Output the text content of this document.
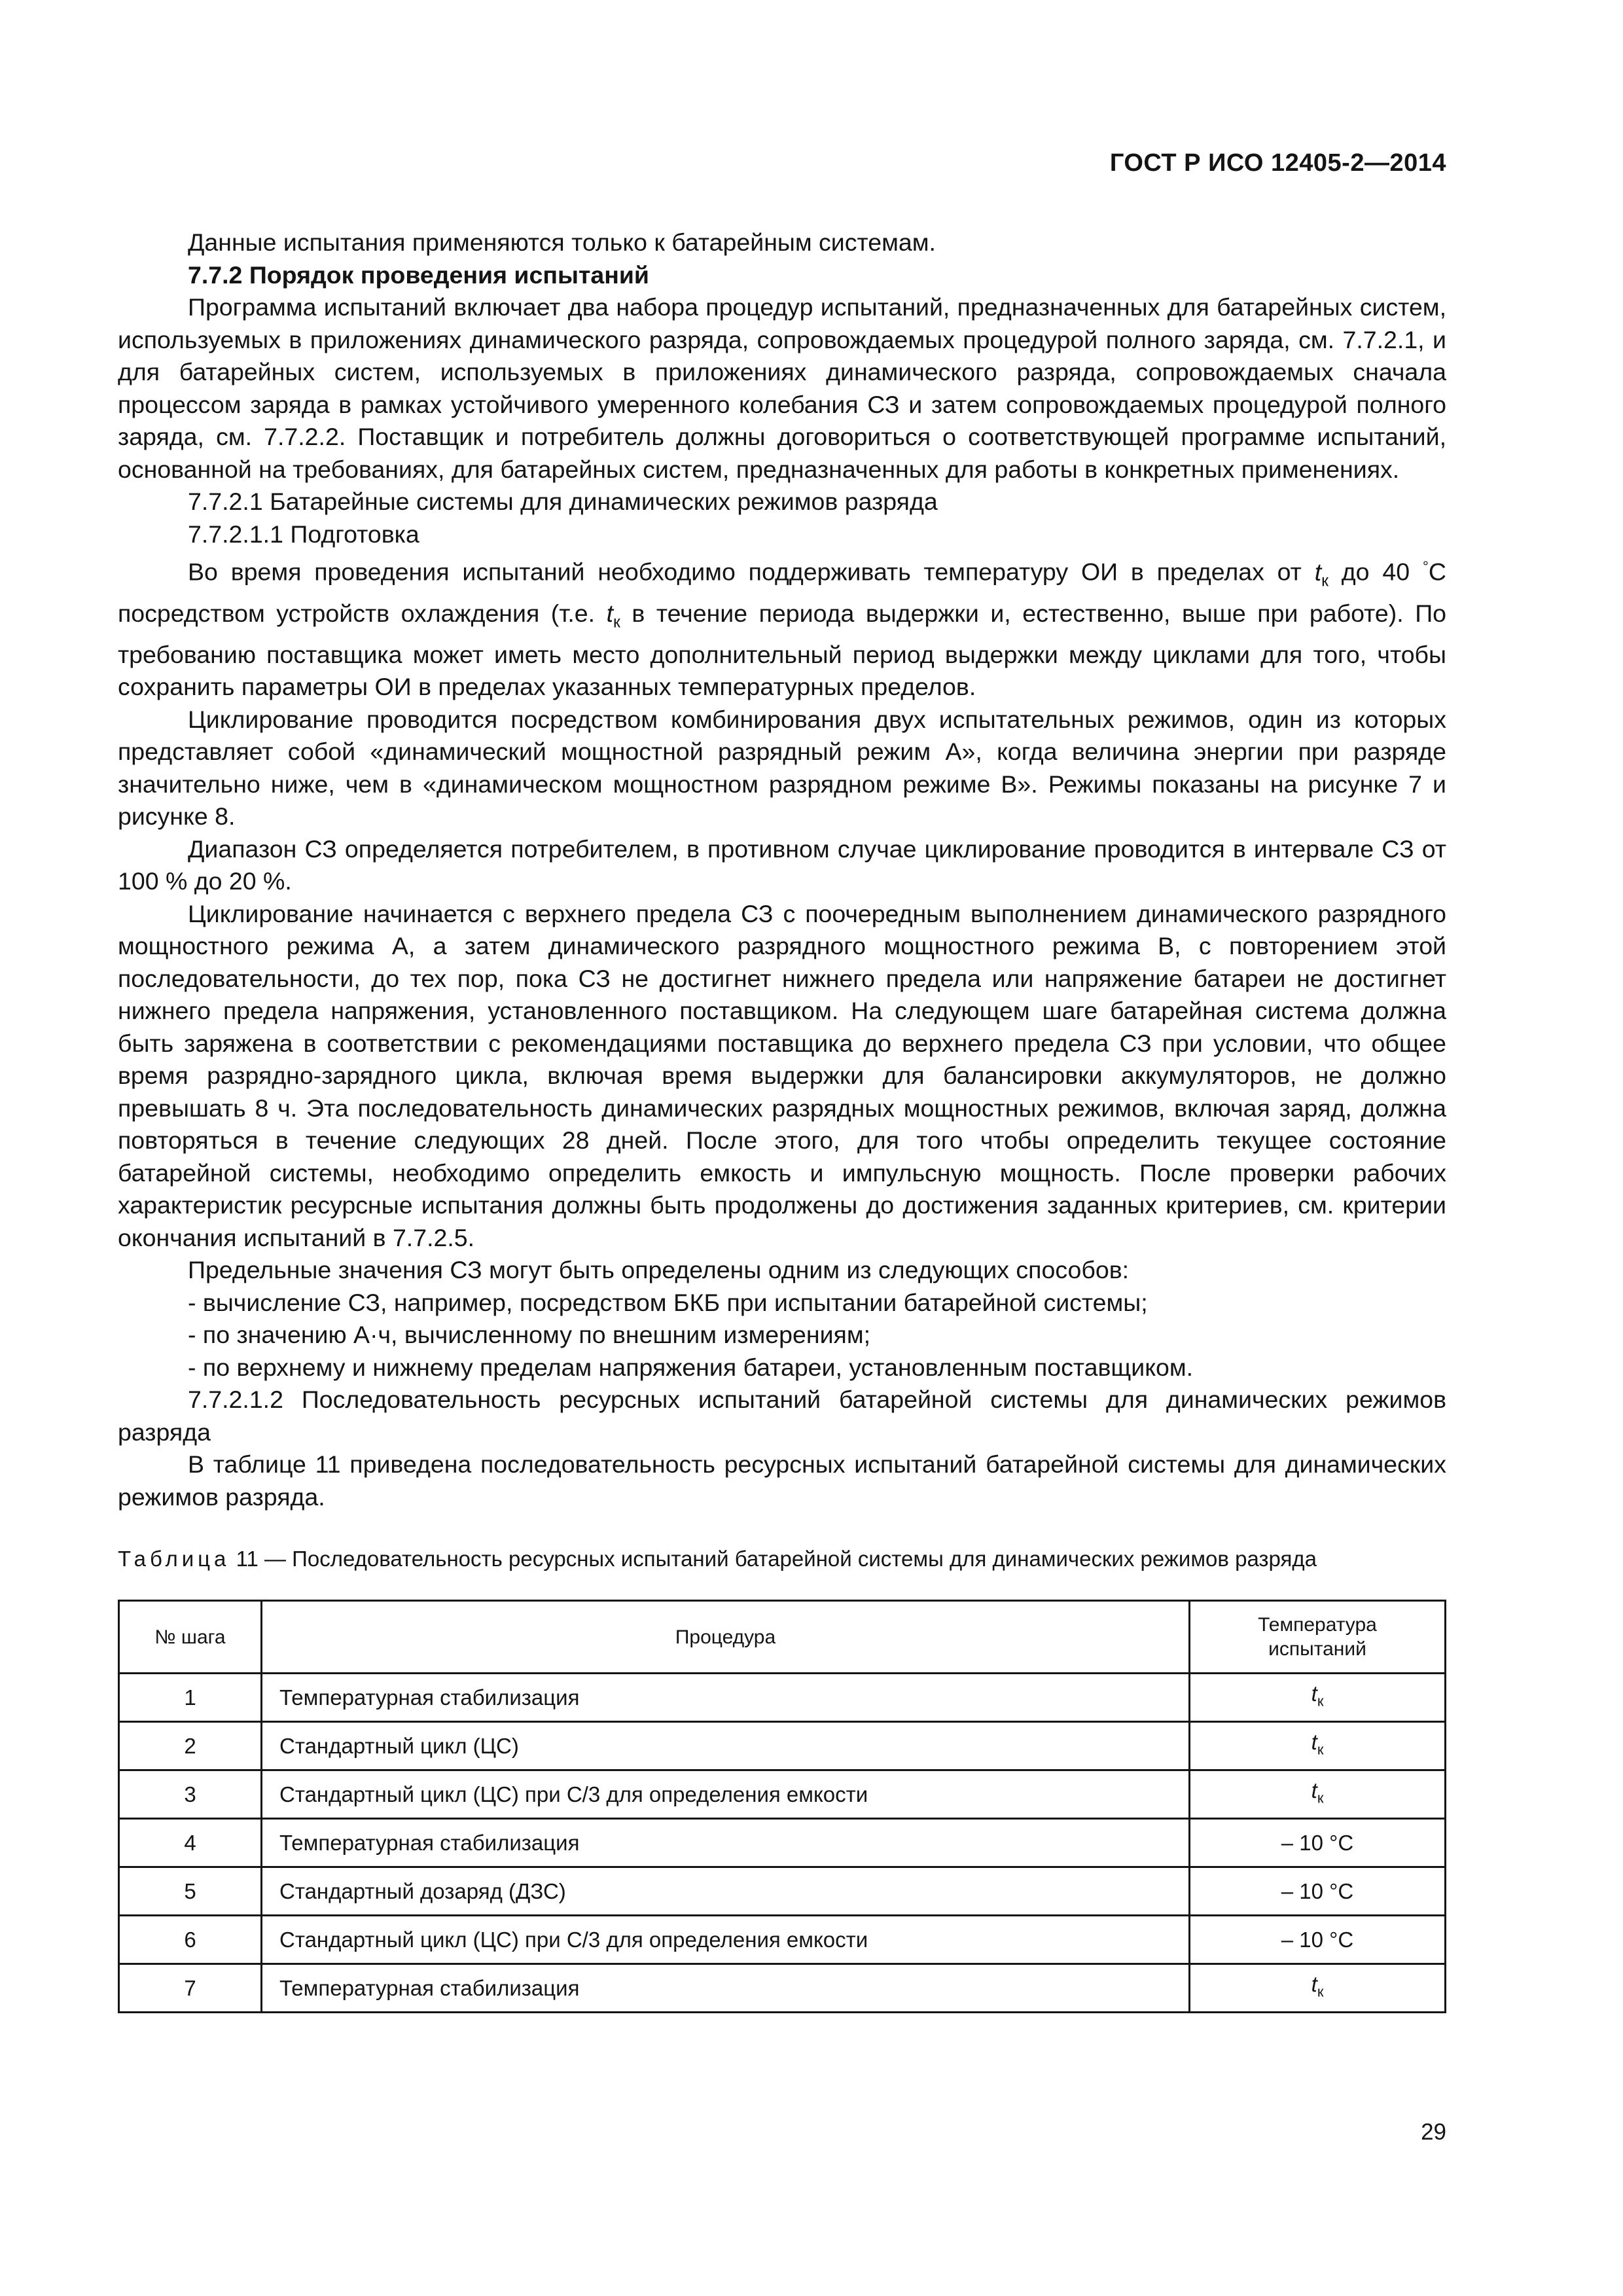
ГОСТ Р ИСО 12405-2—2014

Данные испытания применяются только к батарейным системам.

7.7.2 Порядок проведения испытаний

Программа испытаний включает два набора процедур испытаний, предназначенных для батарейных систем, используемых в приложениях динамического разряда, сопровождаемых процедурой полного заряда, см. 7.7.2.1, и для батарейных систем, используемых в приложениях динамического разряда, сопровождаемых сначала процессом заряда в рамках устойчивого умеренного колебания СЗ и затем сопровождаемых процедурой полного заряда, см. 7.7.2.2. Поставщик и потребитель должны договориться о соответствующей программе испытаний, основанной на требованиях, для батарейных систем, предназначенных для работы в конкретных применениях.

7.7.2.1 Батарейные системы для динамических режимов разряда

7.7.2.1.1 Подготовка

Во время проведения испытаний необходимо поддерживать температуру ОИ в пределах от $t_к$ до 40 °С посредством устройств охлаждения (т.е. $t_к$ в течение периода выдержки и, естественно, выше при работе). По требованию поставщика может иметь место дополнительный период выдержки между циклами для того, чтобы сохранить параметры ОИ в пределах указанных температурных пределов.

Циклирование проводится посредством комбинирования двух испытательных режимов, один из которых представляет собой «динамический мощностной разрядный режим А», когда величина энергии при разряде значительно ниже, чем в «динамическом мощностном разрядном режиме В». Режимы показаны на рисунке 7 и рисунке 8.

Диапазон СЗ определяется потребителем, в противном случае циклирование проводится в интервале СЗ от 100 % до 20 %.

Циклирование начинается с верхнего предела СЗ с поочередным выполнением динамического разрядного мощностного режима А, а затем динамического разрядного мощностного режима В, с повторением этой последовательности, до тех пор, пока СЗ не достигнет нижнего предела или напряжение батареи не достигнет нижнего предела напряжения, установленного поставщиком. На следующем шаге батарейная система должна быть заряжена в соответствии с рекомендациями поставщика до верхнего предела СЗ при условии, что общее время разрядно-зарядного цикла, включая время выдержки для балансировки аккумуляторов, не должно превышать 8 ч. Эта последовательность динамических разрядных мощностных режимов, включая заряд, должна повторяться в течение следующих 28 дней. После этого, для того чтобы определить текущее состояние батарейной системы, необходимо определить емкость и импульсную мощность. После проверки рабочих характеристик ресурсные испытания должны быть продолжены до достижения заданных критериев, см. критерии окончания испытаний в 7.7.2.5.

Предельные значения СЗ могут быть определены одним из следующих способов:

- вычисление СЗ, например, посредством БКБ при испытании батарейной системы;

- по значению А·ч, вычисленному по внешним измерениям;

- по верхнему и нижнему пределам напряжения батареи, установленным поставщиком.

7.7.2.1.2 Последовательность ресурсных испытаний батарейной системы для динамических режимов разряда

В таблице 11 приведена последовательность ресурсных испытаний батарейной системы для динамических режимов разряда.

Таблица 11 — Последовательность ресурсных испытаний батарейной системы для динамических режимов разряда

№ шага	Процедура	Температура испытаний
1	Температурная стабилизация	$t_к$
2	Стандартный цикл (ЦС)	$t_к$
3	Стандартный цикл (ЦС) при С/3 для определения емкости	$t_к$
4	Температурная стабилизация	– 10 °С
5	Стандартный дозаряд (ДЗС)	– 10 °С
6	Стандартный цикл (ЦС) при С/3 для определения емкости	– 10 °С
7	Температурная стабилизация	$t_к$
29
